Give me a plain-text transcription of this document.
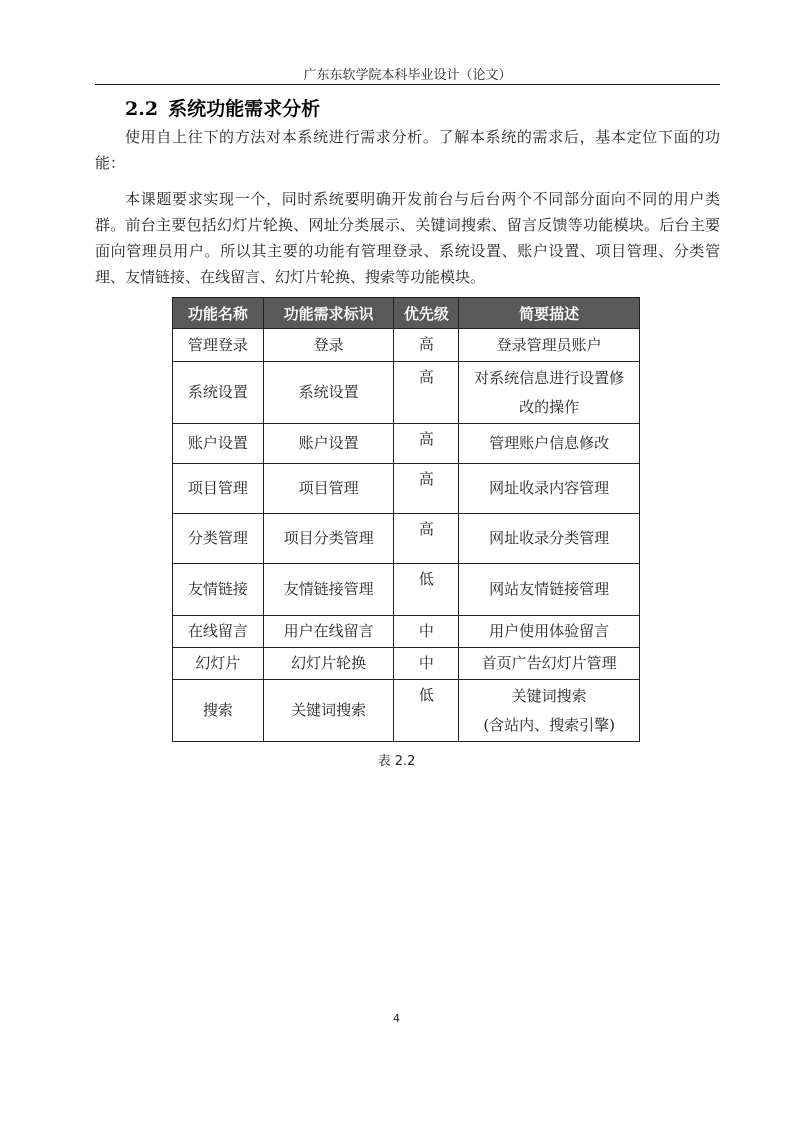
广东东软学院本科毕业设计（论文）
2.2 系统功能需求分析

使用自上往下的方法对本系统进行需求分析。了解本系统的需求后，基本定位下面的功能：

本课题要求实现一个，同时系统要明确开发前台与后台两个不同部分面向不同的用户类群。前台主要包括幻灯片轮换、网址分类展示、关键词搜索、留言反馈等功能模块。后台主要面向管理员用户。所以其主要的功能有管理登录、系统设置、账户设置、项目管理、分类管理、友情链接、在线留言、幻灯片轮换、搜索等功能模块。

功能名称	功能需求标识	优先级	简要描述
管理登录	登录	高	登录管理员账户

系统设置	系统设置	高	对系统信息进行设置修
改的操作

账户设置	账户设置	高	管理账户信息修改

项目管理	项目管理	高	网址收录内容管理

分类管理	项目分类管理	高	网址收录分类管理

友情链接	友情链接管理	低	网站友情链接管理

在线留言	用户在线留言	中	用户使用体验留言

幻灯片	幻灯片轮换	中	首页广告幻灯片管理

搜索	关键词搜索	低	关键词搜索
(含站内、搜索引擎)
表 2.2
4
